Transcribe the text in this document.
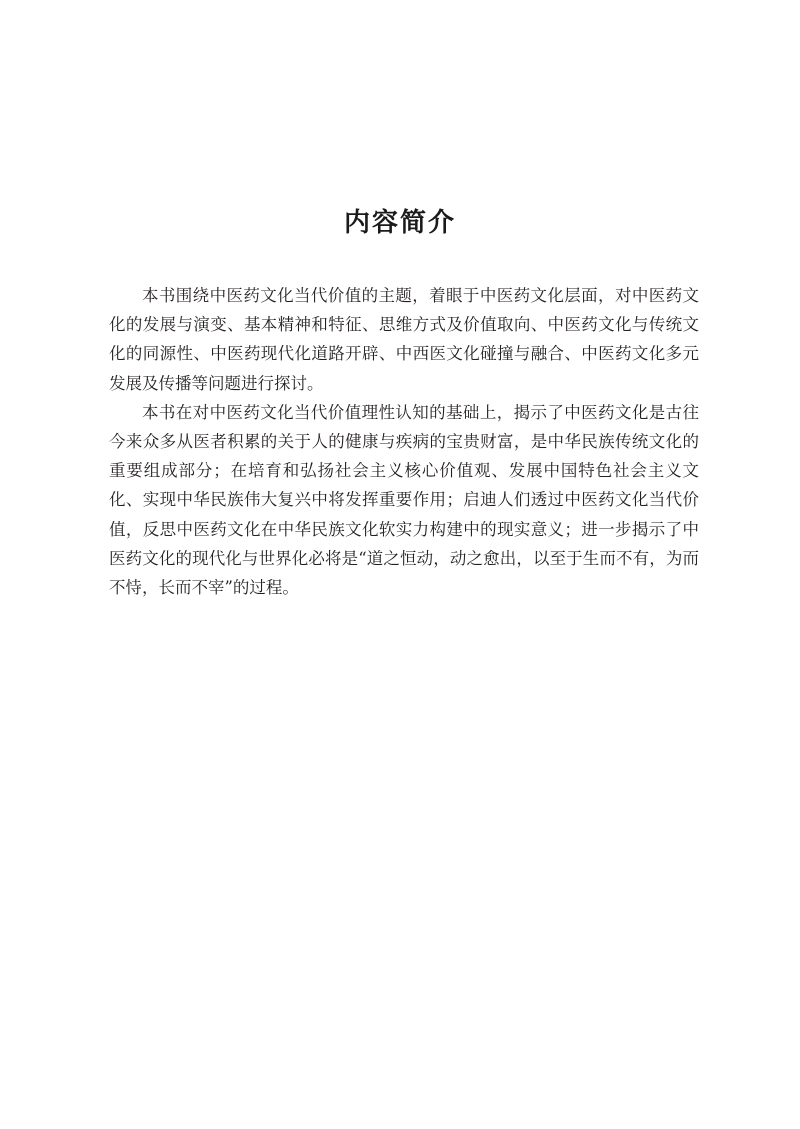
内容简介

本书围绕中医药文化当代价值的主题，着眼于中医药文化层面，对中医药文化的发展与演变、基本精神和特征、思维方式及价值取向、中医药文化与传统文化的同源性、中医药现代化道路开辟、中西医文化碰撞与融合、中医药文化多元发展及传播等问题进行探讨。

本书在对中医药文化当代价值理性认知的基础上，揭示了中医药文化是古往今来众多从医者积累的关于人的健康与疾病的宝贵财富，是中华民族传统文化的重要组成部分；在培育和弘扬社会主义核心价值观、发展中国特色社会主义文化、实现中华民族伟大复兴中将发挥重要作用；启迪人们透过中医药文化当代价值，反思中医药文化在中华民族文化软实力构建中的现实意义；进一步揭示了中医药文化的现代化与世界化必将是“道之恒动，动之愈出，以至于生而不有，为而不恃，长而不宰”的过程。
